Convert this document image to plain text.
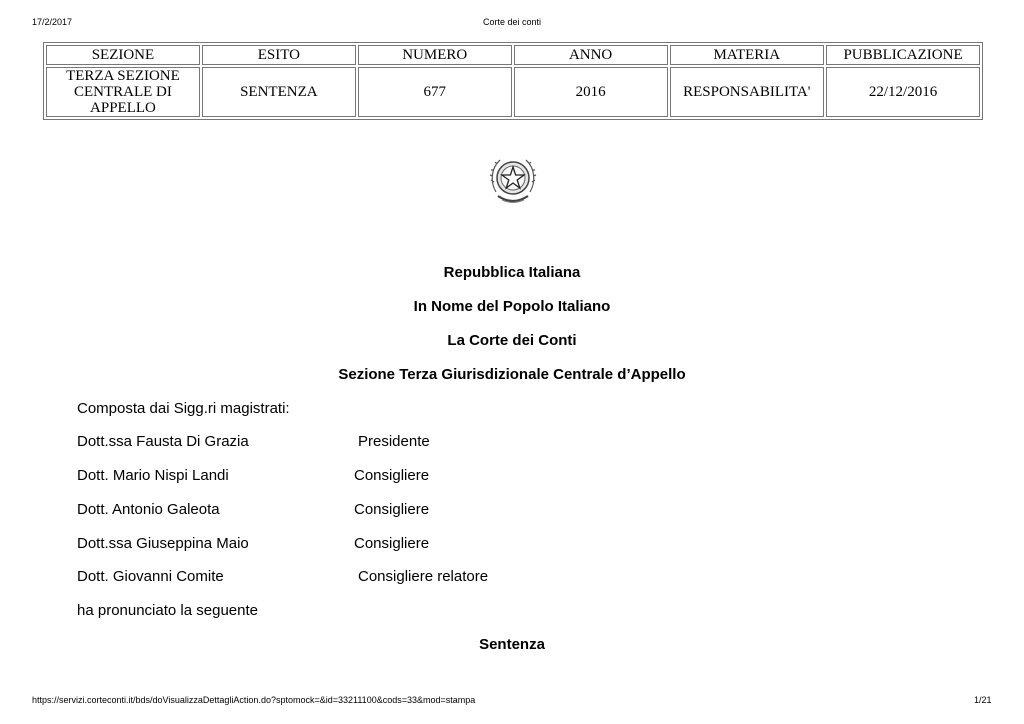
17/2/2017	Corte dei conti
SEZIONE	ESITO	NUMERO	ANNO	MATERIA	PUBBLICAZIONE
TERZA SEZIONE CENTRALE DI APPELLO	SENTENZA	677	2016	RESPONSABILITA'	22/12/2016
Repubblica Italiana
In Nome del Popolo Italiano
La Corte dei Conti
Sezione Terza Giurisdizionale Centrale d’Appello
Composta dai Sigg.ri magistrati:
Dott.ssa Fausta Di Grazia	Presidente
Dott. Mario Nispi Landi	Consigliere
Dott. Antonio Galeota	Consigliere
Dott.ssa Giuseppina Maio	Consigliere
Dott. Giovanni Comite	Consigliere relatore
ha pronunciato la seguente
Sentenza
https://servizi.corteconti.it/bds/doVisualizzaDettagliAction.do?sptomock=&id=33211100&cods=33&mod=stampa	1/21
